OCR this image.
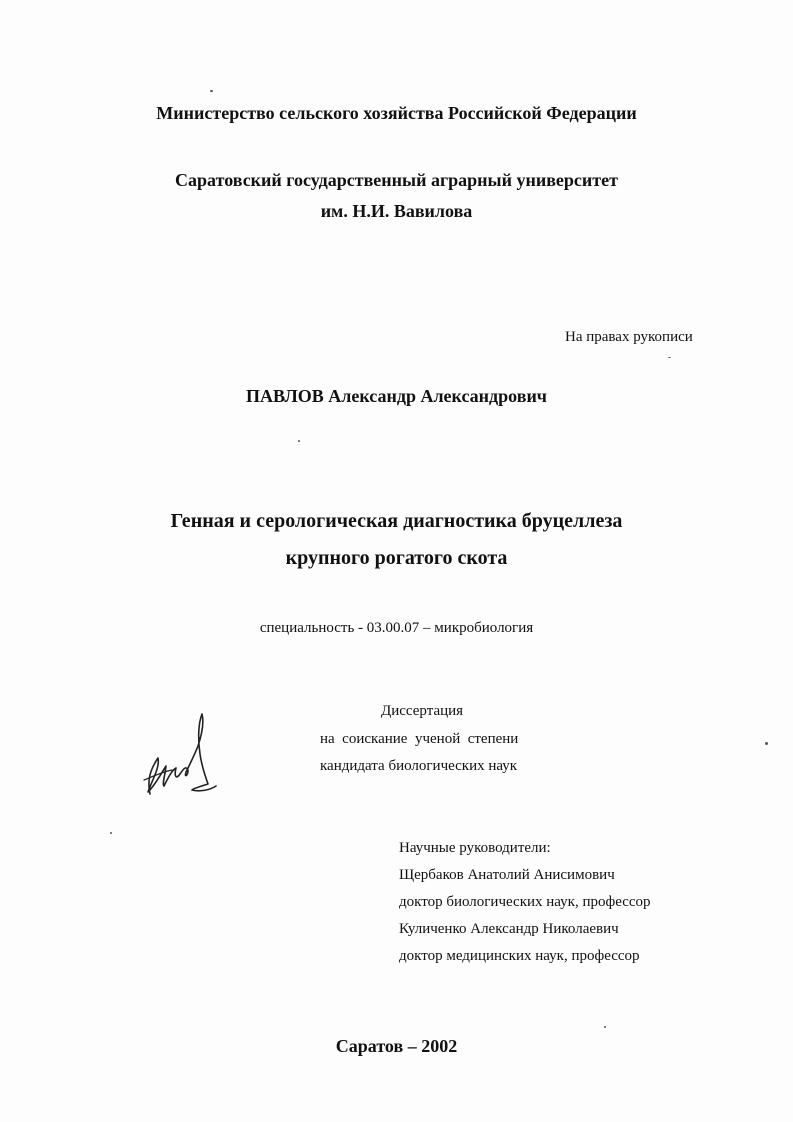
Министерство сельского хозяйства Российской Федерации
Саратовский государственный аграрный университет
им. Н.И. Вавилова
На правах рукописи
ПАВЛОВ Александр Александрович
Генная и серологическая диагностика бруцеллеза
крупного рогатого скота
специальность - 03.00.07 – микробиология
Диссертация
на  соискание  ученой  степени
кандидата биологических наук
Научные руководители:
Щербаков Анатолий Анисимович
доктор биологических наук, профессор
Куличенко Александр Николаевич
доктор медицинских наук, профессор
Саратов – 2002
